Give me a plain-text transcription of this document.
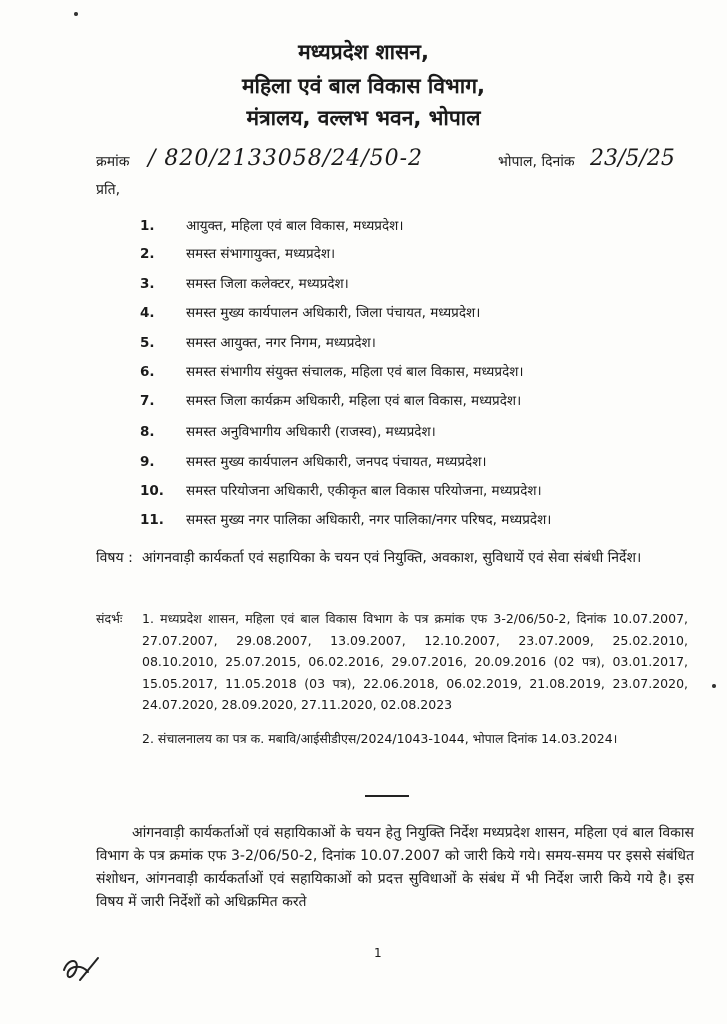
मध्यप्रदेश शासन,
महिला एवं बाल विकास विभाग,
मंत्रालय, वल्लभ भवन, भोपाल
क्रमांक / 820/2133058/24/50-2	भोपाल, दिनांक 23/5/25
प्रति,
1. आयुक्त, महिला एवं बाल विकास, मध्यप्रदेश।
2. समस्त संभागायुक्त, मध्यप्रदेश।
3. समस्त जिला कलेक्टर, मध्यप्रदेश।
4. समस्त मुख्य कार्यपालन अधिकारी, जिला पंचायत, मध्यप्रदेश।
5. समस्त आयुक्त, नगर निगम, मध्यप्रदेश।
6. समस्त संभागीय संयुक्त संचालक, महिला एवं बाल विकास, मध्यप्रदेश।
7. समस्त जिला कार्यक्रम अधिकारी, महिला एवं बाल विकास, मध्यप्रदेश।
8. समस्त अनुविभागीय अधिकारी (राजस्व), मध्यप्रदेश।
9. समस्त मुख्य कार्यपालन अधिकारी, जनपद पंचायत, मध्यप्रदेश।
10. समस्त परियोजना अधिकारी, एकीकृत बाल विकास परियोजना, मध्यप्रदेश।
11. समस्त मुख्य नगर पालिका अधिकारी, नगर पालिका/नगर परिषद, मध्यप्रदेश।
विषय : आंगनवाड़ी कार्यकर्ता एवं सहायिका के चयन एवं नियुक्ति, अवकाश, सुविधायें एवं सेवा संबंधी निर्देश।
संदर्भः 1. मध्यप्रदेश शासन, महिला एवं बाल विकास विभाग के पत्र क्रमांक एफ 3-2/06/50-2, दिनांक 10.07.2007, 27.07.2007, 29.08.2007, 13.09.2007, 12.10.2007, 23.07.2009, 25.02.2010, 08.10.2010, 25.07.2015, 06.02.2016, 29.07.2016, 20.09.2016 (02 पत्र), 03.01.2017, 15.05.2017, 11.05.2018 (03 पत्र), 22.06.2018, 06.02.2019, 21.08.2019, 23.07.2020, 24.07.2020, 28.09.2020, 27.11.2020, 02.08.2023
2. संचालनालय का पत्र क. मबावि/आईसीडीएस/2024/1043-1044, भोपाल दिनांक 14.03.2024।
आंगनवाड़ी कार्यकर्ताओं एवं सहायिकाओं के चयन हेतु नियुक्ति निर्देश मध्यप्रदेश शासन, महिला एवं बाल विकास विभाग के पत्र क्रमांक एफ 3-2/06/50-2, दिनांक 10.07.2007 को जारी किये गये। समय-समय पर इससे संबंधित संशोधन, आंगनवाड़ी कार्यकर्ताओं एवं सहायिकाओं को प्रदत्त सुविधाओं के संबंध में भी निर्देश जारी किये गये है। इस विषय में जारी निर्देशों को अधिक्रमित करते
1
